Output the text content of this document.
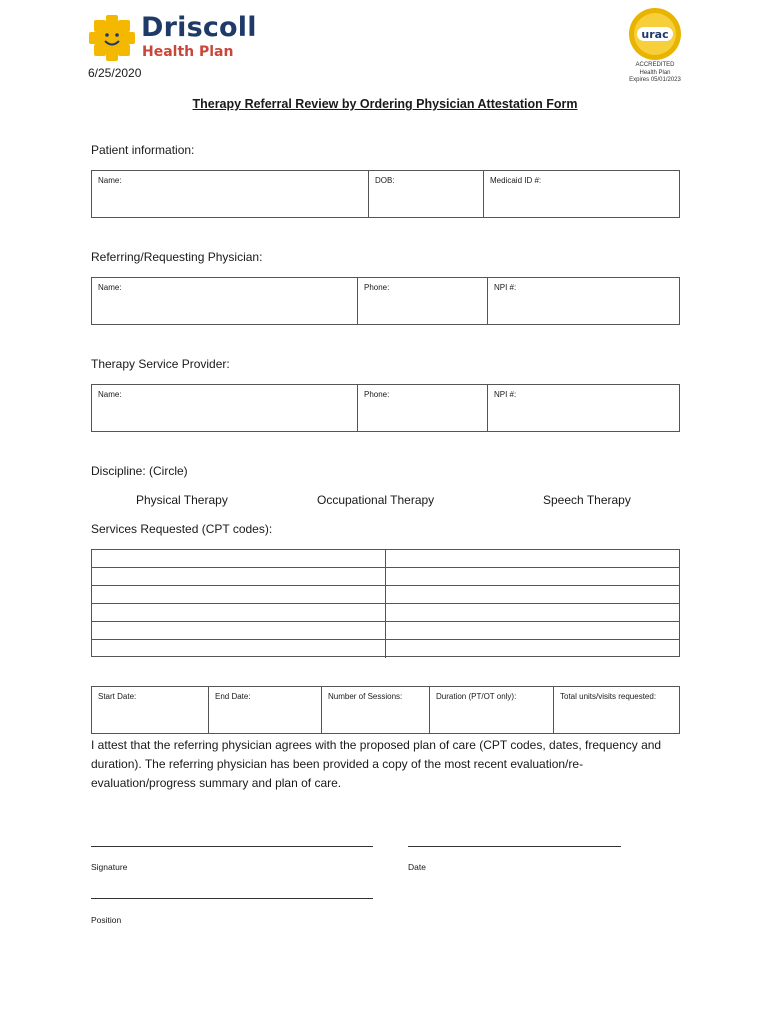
Driscoll
Health Plan
urac
ACCREDITED
Health Plan
Expires 05/01/2023
6/25/2020
Therapy Referral Review by Ordering Physician Attestation Form
Patient information:
Name:	DOB:	Medicaid ID #:
Referring/Requesting Physician:
Name:	Phone:	NPI #:
Therapy Service Provider:
Name:	Phone:	NPI #:
Discipline: (Circle)
Physical Therapy	Occupational Therapy	Speech Therapy
Services Requested (CPT codes):
Start Date:	End Date:	Number of Sessions:	Duration (PT/OT only):	Total units/visits requested:
I attest that the referring physician agrees with the proposed plan of care (CPT codes, dates, frequency and duration). The referring physician has been provided a copy of the most recent evaluation/re-evaluation/progress summary and plan of care.
Signature	Date
Position
